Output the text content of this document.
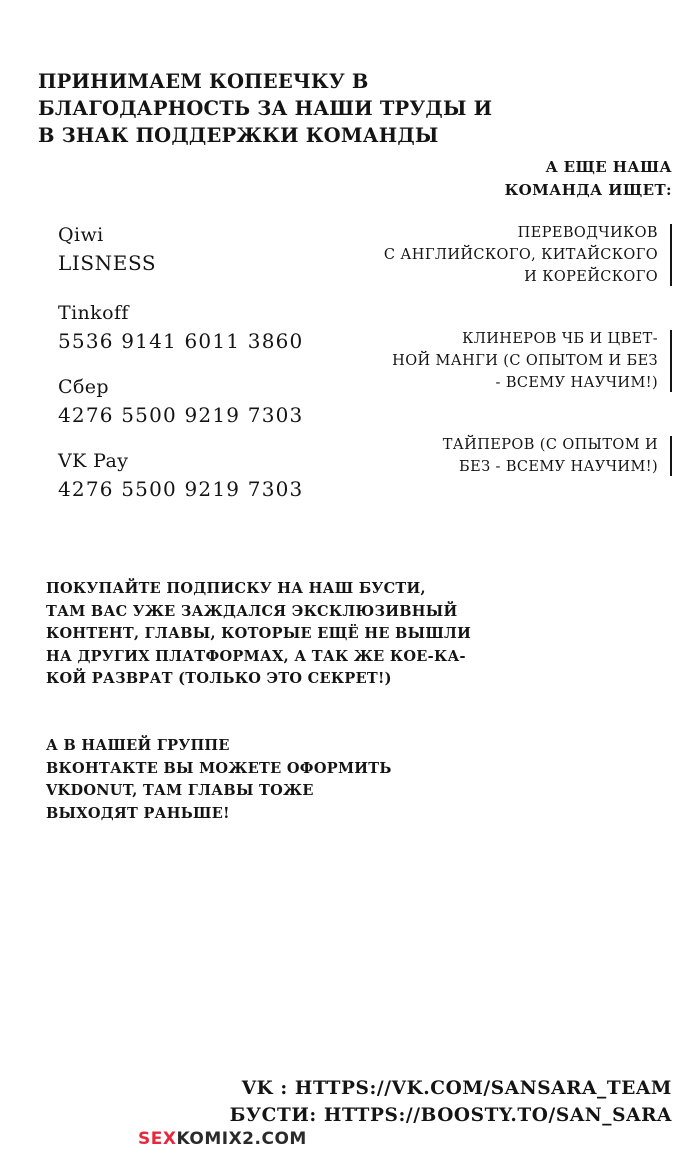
ПРИНИМАЕМ КОПЕЕЧКУ В
БЛАГОДАРНОСТЬ ЗА НАШИ ТРУДЫ И
В ЗНАК ПОДДЕРЖКИ КОМАНДЫ
Qiwi
LISNESS
Tinkoff
5536 9141 6011 3860
Сбер
4276 5500 9219 7303
VK Pay
4276 5500 9219 7303
ПОКУПАЙТЕ ПОДПИСКУ НА НАШ БУСТИ,
ТАМ ВАС УЖЕ ЗАЖДАЛСЯ ЭКСКЛЮЗИВНЫЙ
КОНТЕНТ, ГЛАВЫ, КОТОРЫЕ ЕЩЁ НЕ ВЫШЛИ
НА ДРУГИХ ПЛАТФОРМАХ, А ТАК ЖЕ КОЕ-КА-
КОЙ РАЗВРАТ (ТОЛЬКО ЭТО СЕКРЕТ!)
А В НАШЕЙ ГРУППЕ
ВКОНТАКТЕ ВЫ МОЖЕТЕ ОФОРМИТЬ
VKDONUT, ТАМ ГЛАВЫ ТОЖЕ
ВЫХОДЯТ РАНЬШЕ!
А ЕЩЕ НАША
КОМАНДА ИЩЕТ:
ПЕРЕВОДЧИКОВ
С АНГЛИЙСКОГО, КИТАЙСКОГО
И КОРЕЙСКОГО
КЛИНЕРОВ ЧБ И ЦВЕТ-
НОЙ МАНГИ (С ОПЫТОМ И БЕЗ
- ВСЕМУ НАУЧИМ!)
ТАЙПЕРОВ (С ОПЫТОМ И
БЕЗ - ВСЕМУ НАУЧИМ!)
VK : HTTPS://VK.COM/SANSARA_TEAM
БУСТИ: HTTPS://BOOSTY.TO/SAN_SARA
SEXKOMIX2.COM
